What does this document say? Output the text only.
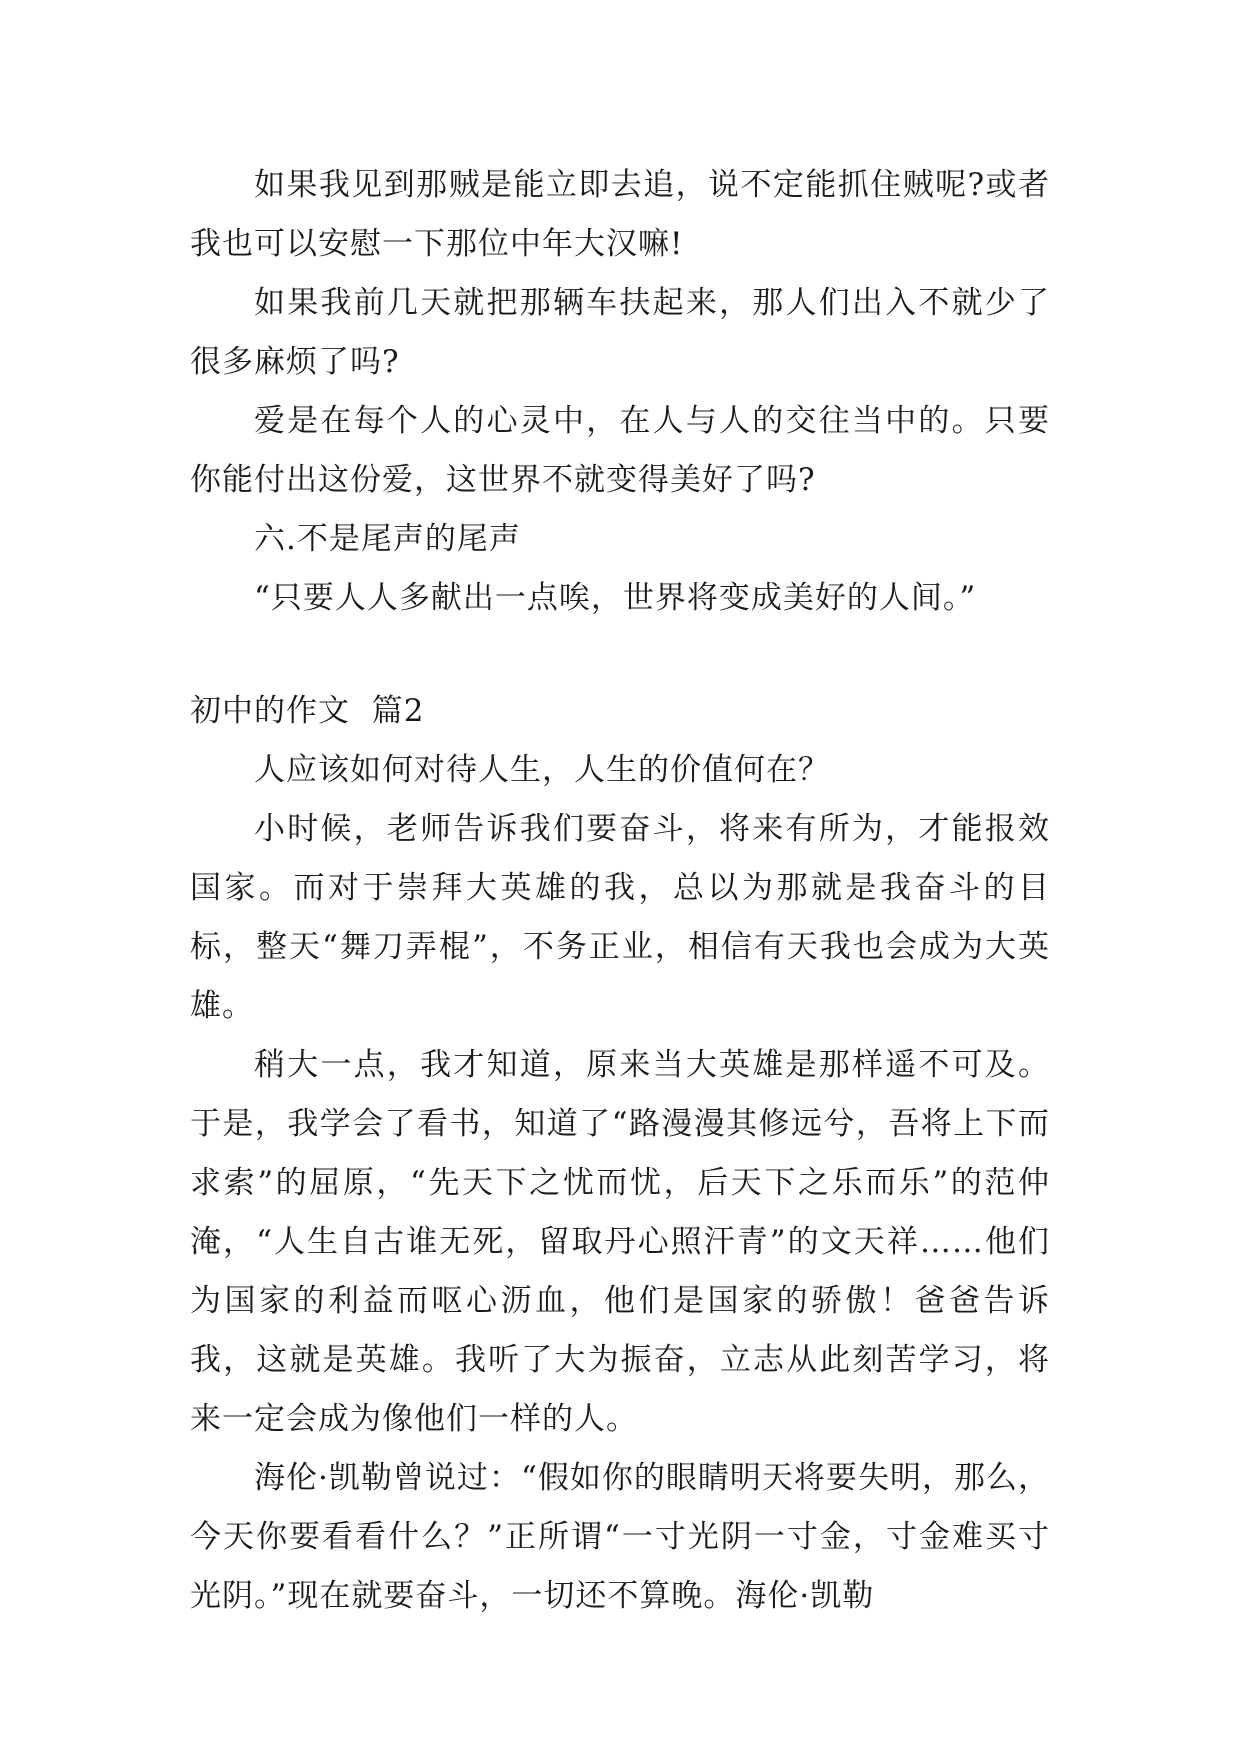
如果我见到那贼是能立即去追，说不定能抓住贼呢?或者我也可以安慰一下那位中年大汉嘛!

如果我前几天就把那辆车扶起来，那人们出入不就少了很多麻烦了吗?

爱是在每个人的心灵中，在人与人的交往当中的。只要你能付出这份爱，这世界不就变得美好了吗?

六.不是尾声的尾声

“只要人人多献出一点唉，世界将变成美好的人间。”

初中的作文  篇2

人应该如何对待人生，人生的价值何在？

小时候，老师告诉我们要奋斗，将来有所为，才能报效国家。而对于崇拜大英雄的我，总以为那就是我奋斗的目标，整天“舞刀弄棍”，不务正业，相信有天我也会成为大英雄。

稍大一点，我才知道，原来当大英雄是那样遥不可及。于是，我学会了看书，知道了“路漫漫其修远兮，吾将上下而求索”的屈原，“先天下之忧而忧，后天下之乐而乐”的范仲淹，“人生自古谁无死，留取丹心照汗青”的文天祥……他们为国家的利益而呕心沥血，他们是国家的骄傲！爸爸告诉我，这就是英雄。我听了大为振奋，立志从此刻苦学习，将来一定会成为像他们一样的人。

海伦·凯勒曾说过：“假如你的眼睛明天将要失明，那么，今天你要看看什么？”正所谓“一寸光阴一寸金，寸金难买寸光阴。”现在就要奋斗，一切还不算晚。海伦·凯勒
